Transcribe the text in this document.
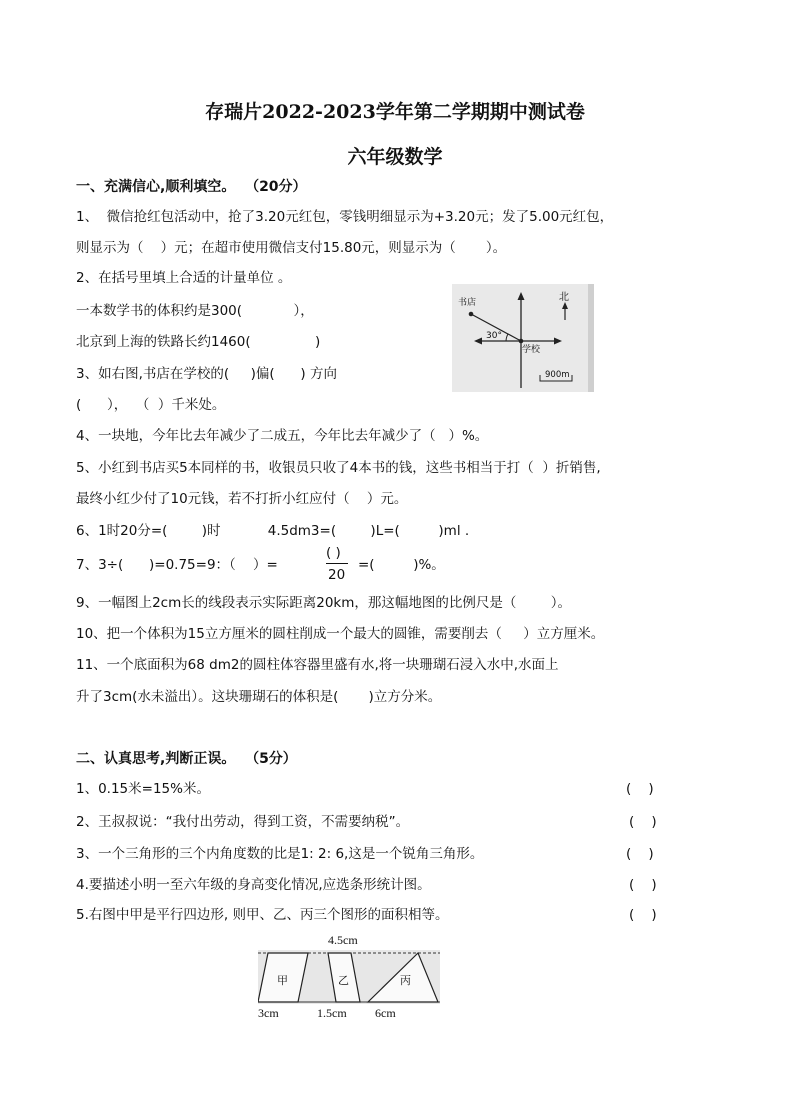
存瑞片2022-2023学年第二学期期中测试卷
六年级数学
一、充满信心,顺利填空。  （20分）
1、  微信抢红包活动中，抢了3.20元红包，零钱明细显示为+3.20元；发了5.00元红包，
则显示为（    ）元；在超市使用微信支付15.80元，则显示为（       ）。
2、在括号里填上合适的计量单位 。
一本数学书的体积约是300(            ），
北京到上海的铁路长约1460(               )
3、如右图,书店在学校的(     )偏(      ) 方向
(      ），  （  ）千米处。
4、一块地，今年比去年减少了二成五，今年比去年减少了（   ）%。
5、小红到书店买5本同样的书，收银员只收了4本书的钱，这些书相当于打（  ）折销售,
最终小红少付了10元钱，若不打折小红应付（    ）元。
6、1时20分=(        )时           4.5dm3=(        )L=(         )ml .
7、3÷(      )=0.75=9：（    ）=
( )
20
=(         )%。
9、一幅图上2cm长的线段表示实际距离20km，那这幅地图的比例尺是（        ）。
10、把一个体积为15立方厘米的圆柱削成一个最大的圆锥，需要削去（     ）立方厘米。
11、一个底面积为68 dm2的圆柱体容器里盛有水,将一块珊瑚石浸入水中,水面上
升了3cm(水未溢出）。这块珊瑚石的体积是(       )立方分米。
书店
学校
北
30°
900m
二、认真思考,判断正误。  （5分）
1、0.15米=15%米。
2、王叔叔说：“我付出劳动，得到工资，不需要纳税”。
3、一个三角形的三个内角度数的比是1: 2: 6,这是一个锐角三角形。
4.要描述小明一至六年级的身高变化情况,应选条形统计图。
5.右图中甲是平行四边形, 则甲、乙、丙三个图形的面积相等。
(    )
(    )
(    )
(    )
(    )
4.5cm
甲	乙	丙
3cm	1.5cm 6cm
